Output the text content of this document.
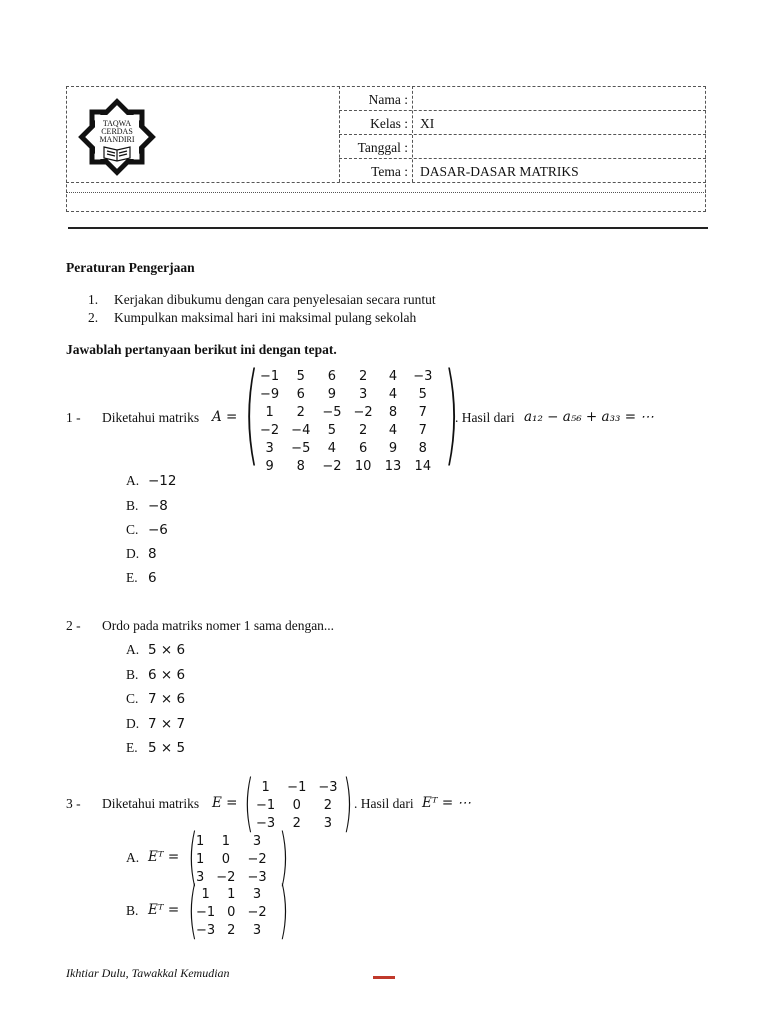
TAQWA
CERDAS
MANDIRI
Nama :
Kelas : XI
Tanggal :
Tema : DASAR-DASAR MATRIKS
Peraturan Pengerjaan
1. Kerjakan dibukumu dengan cara penyelesaian secara runtut
2. Kumpulkan maksimal hari ini maksimal pulang sekolah
Jawablah pertanyaan berikut ini dengan tepat.
1 - Diketahui matriks A = ( −1	5	6	2	4	−3
−9	6	9	3	4	5
1	2	−5	−2	8	7
−2	−4	5	2	4	7
3	−5	4	6	9	8
9	8	−2	10	13	14 )
. Hasil dari a₁₂ − a₅₆ + a₃₃ = ⋯
A. −12
B. −8
C. −6
D. 8
E. 6
2 - Ordo pada matriks nomer 1 sama dengan...
A. 5 × 6
B. 6 × 6
C. 7 × 6
D. 7 × 7
E. 5 × 5
3 - Diketahui matriks E = ( 1	−1	−3
−1	0	2
−3	2	3 ) . Hasil dari Eᵀ = ⋯
A. Eᵀ = (
1	1	3
1	0	−2
3	−2	−3 )
B. Eᵀ = ( 1	1	3
−1	0	−2
−3	2	3 )
Ikhtiar Dulu, Tawakkal Kemudian
